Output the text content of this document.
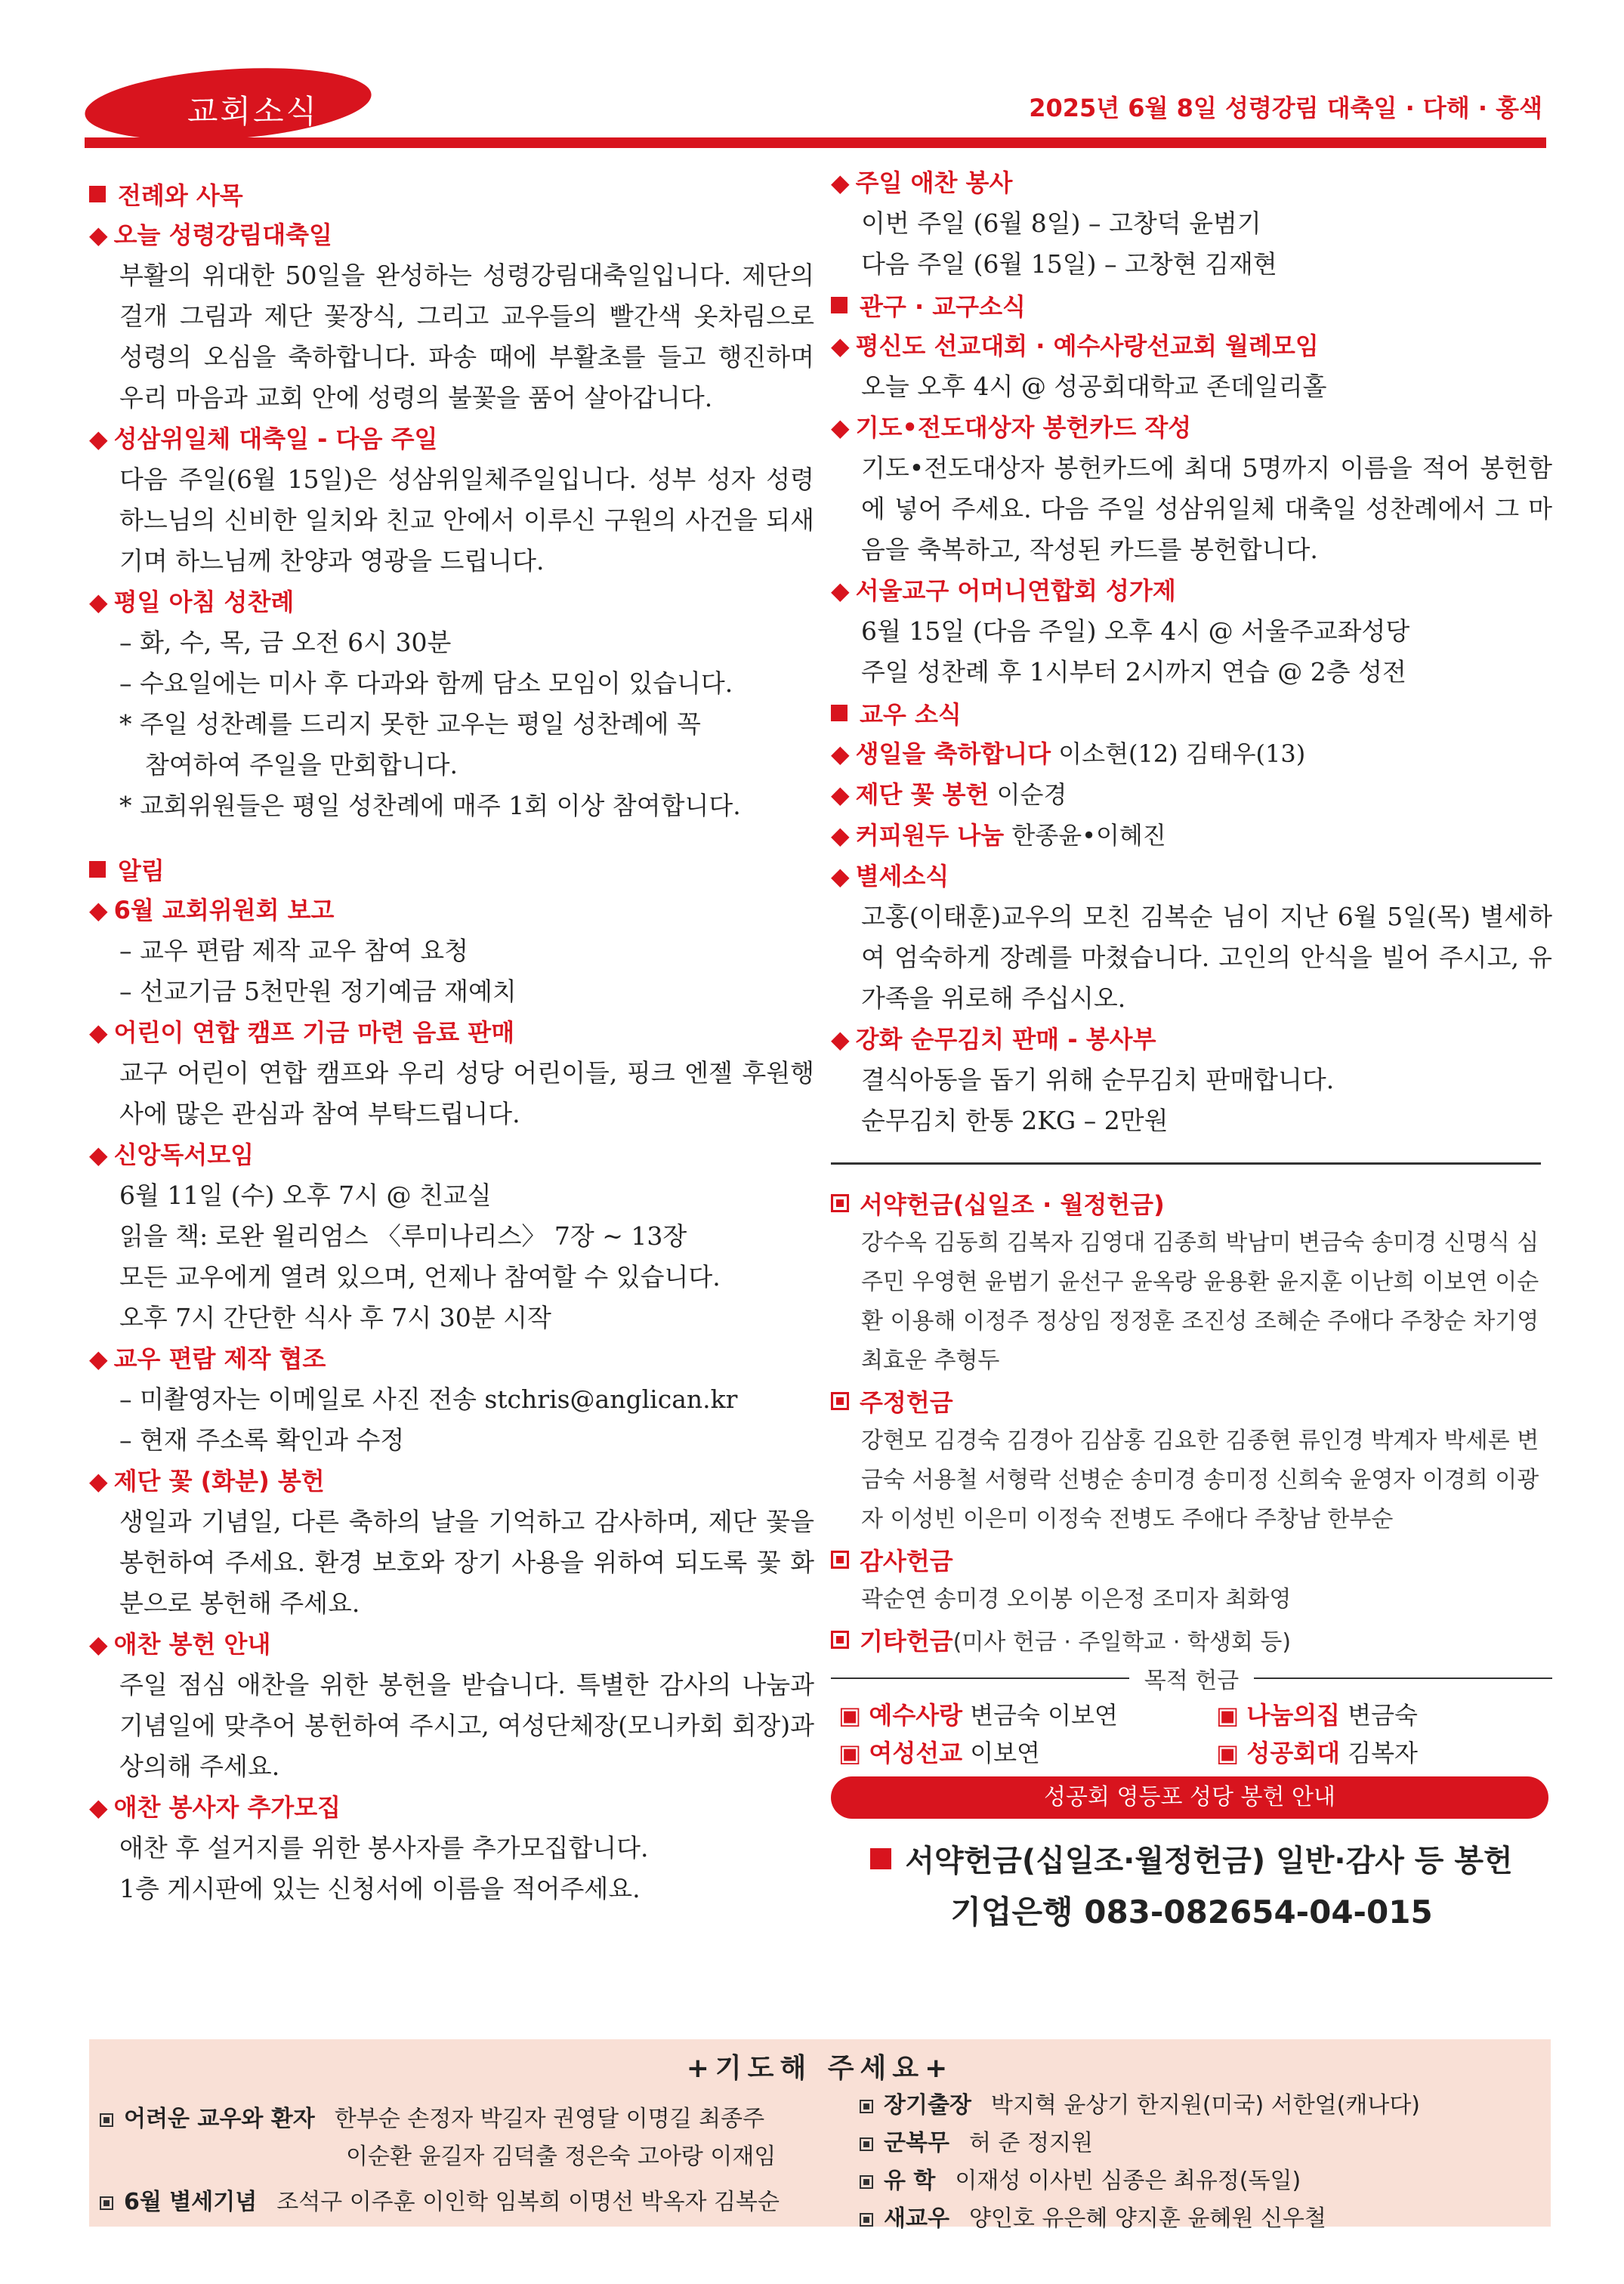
교회소식	2025년 6월 8일 성령강림 대축일 · 다해 · 홍색
전례와 사목
◆ 오늘 성령강림대축일
부활의 위대한 50일을 완성하는 성령강림대축일입니다. 제단의 걸개 그림과 제단 꽃장식, 그리고 교우들의 빨간색 옷차림으로 성령의 오심을 축하합니다. 파송 때에 부활초를 들고 행진하며 우리 마음과 교회 안에 성령의 불꽃을 품어 살아갑니다.
◆ 성삼위일체 대축일 - 다음 주일
다음 주일(6월 15일)은 성삼위일체주일입니다. 성부 성자 성령 하느님의 신비한 일치와 친교 안에서 이루신 구원의 사건을 되새기며 하느님께 찬양과 영광을 드립니다.
◆ 평일 아침 성찬례
– 화, 수, 목, 금 오전 6시 30분
– 수요일에는 미사 후 다과와 함께 담소 모임이 있습니다.
* 주일 성찬례를 드리지 못한 교우는 평일 성찬례에 꼭
참여하여 주일을 만회합니다.
* 교회위원들은 평일 성찬례에 매주 1회 이상 참여합니다.
알림
◆ 6월 교회위원회 보고
– 교우 편람 제작 교우 참여 요청
– 선교기금 5천만원 정기예금 재예치
◆ 어린이 연합 캠프 기금 마련 음료 판매
교구 어린이 연합 캠프와 우리 성당 어린이들, 핑크 엔젤 후원행사에 많은 관심과 참여 부탁드립니다.
◆ 신앙독서모임
6월 11일 (수) 오후 7시 @ 친교실
읽을 책: 로완 윌리엄스 〈루미나리스〉 7장 ~ 13장
모든 교우에게 열려 있으며, 언제나 참여할 수 있습니다.
오후 7시 간단한 식사 후 7시 30분 시작
◆ 교우 편람 제작 협조
– 미촬영자는 이메일로 사진 전송 stchris@anglican.kr
– 현재 주소록 확인과 수정
◆ 제단 꽃 (화분) 봉헌
생일과 기념일, 다른 축하의 날을 기억하고 감사하며, 제단 꽃을 봉헌하여 주세요. 환경 보호와 장기 사용을 위하여 되도록 꽃 화분으로 봉헌해 주세요.
◆ 애찬 봉헌 안내
주일 점심 애찬을 위한 봉헌을 받습니다. 특별한 감사의 나눔과 기념일에 맞추어 봉헌하여 주시고, 여성단체장(모니카회 회장)과 상의해 주세요.
◆ 애찬 봉사자 추가모집
애찬 후 설거지를 위한 봉사자를 추가모집합니다.
1층 게시판에 있는 신청서에 이름을 적어주세요.
◆ 주일 애찬 봉사
이번 주일 (6월 8일) – 고창덕 윤범기
다음 주일 (6월 15일) – 고창현 김재현
관구 · 교구소식
◆ 평신도 선교대회 · 예수사랑선교회 월례모임
오늘 오후 4시 @ 성공회대학교 존데일리홀
◆ 기도•전도대상자 봉헌카드 작성
기도•전도대상자 봉헌카드에 최대 5명까지 이름을 적어 봉헌함에 넣어 주세요. 다음 주일 성삼위일체 대축일 성찬례에서 그 마음을 축복하고, 작성된 카드를 봉헌합니다.
◆ 서울교구 어머니연합회 성가제
6월 15일 (다음 주일) 오후 4시 @ 서울주교좌성당
주일 성찬례 후 1시부터 2시까지 연습 @ 2층 성전
교우 소식
◆ 생일을 축하합니다 이소현(12) 김태우(13)
◆ 제단 꽃 봉헌 이순경
◆ 커피원두 나눔 한종윤•이혜진
◆ 별세소식
고홍(이태훈)교우의 모친 김복순 님이 지난 6월 5일(목) 별세하여 엄숙하게 장례를 마쳤습니다. 고인의 안식을 빌어 주시고, 유가족을 위로해 주십시오.
◆ 강화 순무김치 판매 - 봉사부
결식아동을 돕기 위해 순무김치 판매합니다.
순무김치 한통 2KG – 2만원
서약헌금(십일조 · 월정헌금)
강수옥 김동희 김복자 김영대 김종희 박남미 변금숙 송미경 신명식 심주민 우영현 윤범기 윤선구 윤옥랑 윤용환 윤지훈 이난희 이보연 이순환 이용해 이정주 정상임 정정훈 조진성 조혜순 주애다 주창순 차기영 최효운 추형두
주정헌금
강현모 김경숙 김경아 김삼홍 김요한 김종현 류인경 박계자 박세론 변금숙 서용철 서형락 선병순 송미경 송미정 신희숙 윤영자 이경희 이광자 이성빈 이은미 이정숙 전병도 주애다 주창남 한부순
감사헌금
곽순연 송미경 오이봉 이은정 조미자 최화영
기타헌금 (미사 헌금 · 주일학교 · 학생회 등)
목적 헌금
▣ 예수사랑 변금숙 이보연	▣ 나눔의집 변금숙
▣ 여성선교 이보연	▣ 성공회대 김복자
성공회 영등포 성당 봉헌 안내
서약헌금(십일조·월정헌금) 일반·감사 등 봉헌
기업은행 083-082654-04-015
+기도해 주세요+
어려운 교우와 환자 한부순 손정자 박길자 권영달 이명길 최종주
이순환 윤길자 김덕출 정은숙 고아랑 이재임
6월 별세기념 조석구 이주훈 이인학 임복희 이명선 박옥자 김복순
장기출장 박지혁 윤상기 한지원(미국) 서한얼(캐나다)
군복무 허 준 정지원
유 학 이재성 이사빈 심종은 최유정(독일)
새교우 양인호 유은혜 양지훈 윤혜원 신우철
